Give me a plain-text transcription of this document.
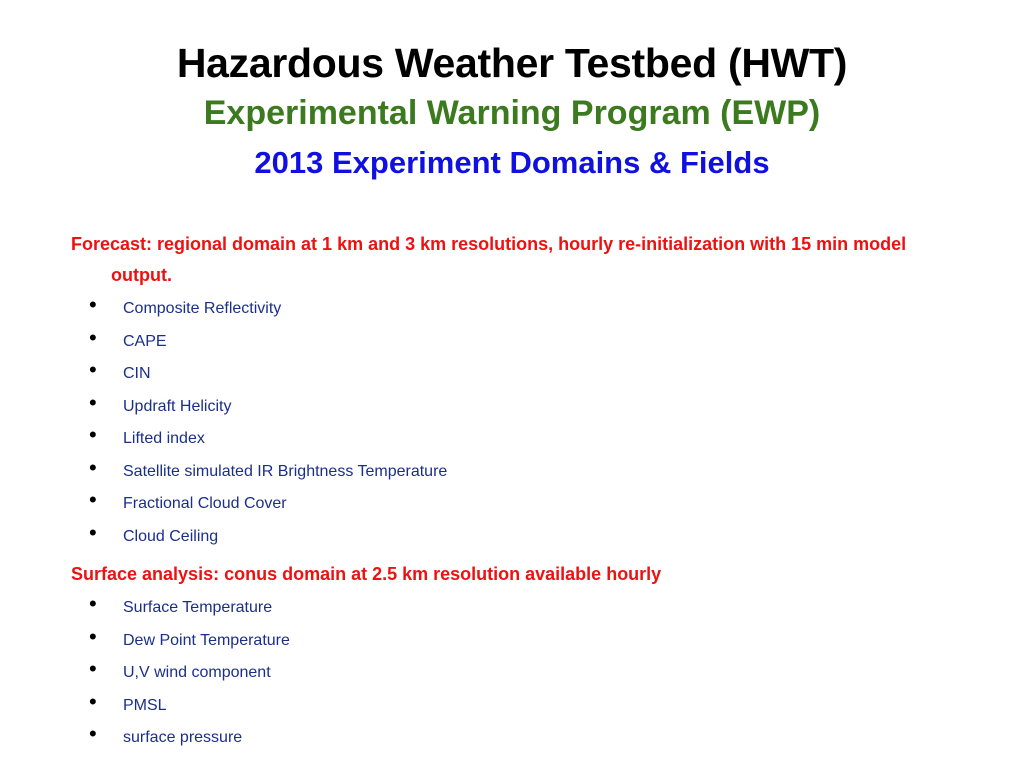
Hazardous Weather Testbed (HWT)
Experimental Warning Program (EWP)
2013 Experiment Domains & Fields

Forecast: regional domain at 1 km and 3 km resolutions, hourly re-initialization with 15 min model output.

• Composite Reflectivity
• CAPE
• CIN
• Updraft Helicity
• Lifted index
• Satellite simulated IR Brightness Temperature
• Fractional Cloud Cover
• Cloud Ceiling

Surface analysis: conus domain at 2.5 km resolution available hourly

• Surface Temperature
• Dew Point Temperature
• U,V wind component
• PMSL
• surface pressure
